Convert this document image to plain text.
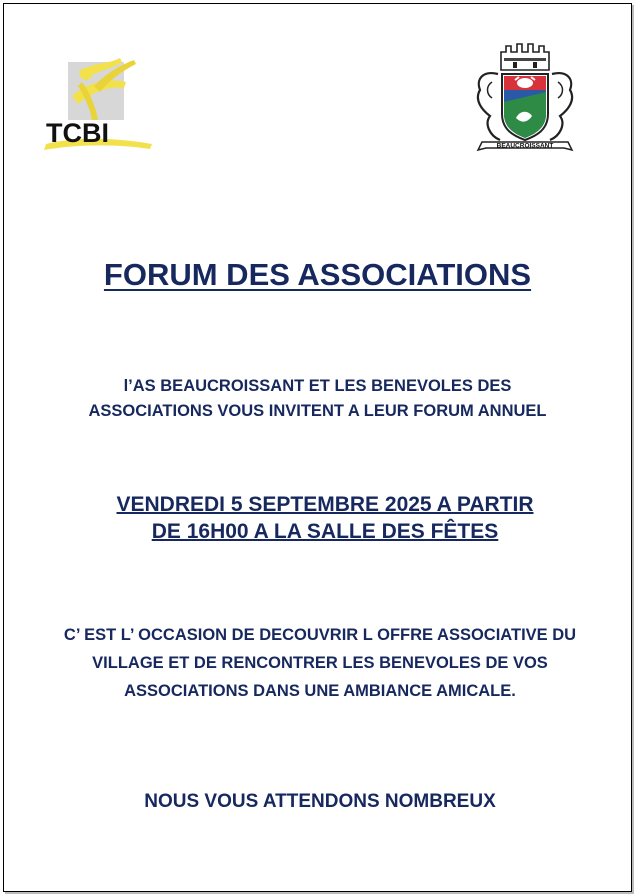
TCBI	BEAUCROISSANT
FORUM DES ASSOCIATIONS
l’AS BEAUCROISSANT ET LES BENEVOLES DES
ASSOCIATIONS VOUS INVITENT A LEUR FORUM ANNUEL
VENDREDI 5 SEPTEMBRE 2025 A PARTIR
DE 16H00 A LA SALLE DES FÊTES
C’ EST L’ OCCASION DE DECOUVRIR L OFFRE ASSOCIATIVE DU
VILLAGE ET DE RENCONTRER LES BENEVOLES DE VOS
ASSOCIATIONS DANS UNE AMBIANCE AMICALE.
NOUS VOUS ATTENDONS NOMBREUX
